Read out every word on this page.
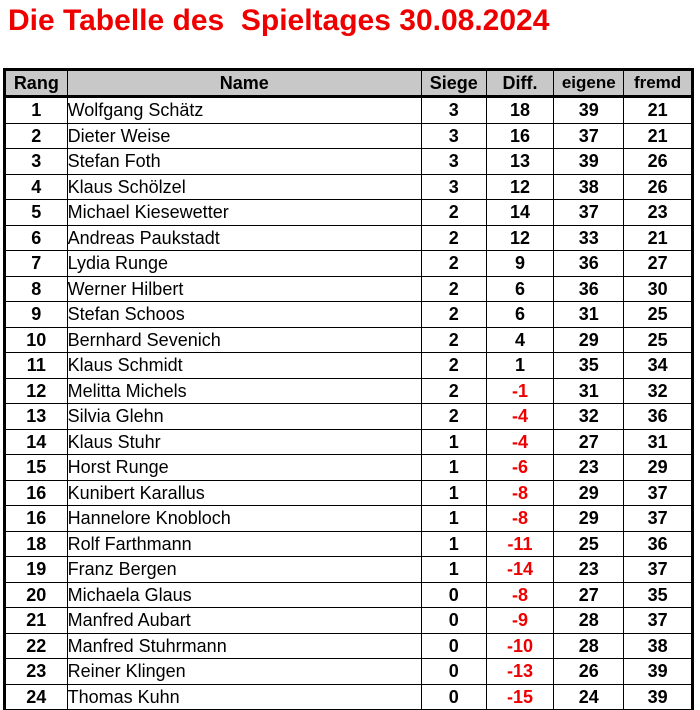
Die Tabelle des  Spieltages 30.08.2024
Rang	Name	Siege	Diff.	eigene	fremd
1	Wolfgang Schätz	3	18	39	21
2	Dieter Weise	3	16	37	21
3	Stefan Foth	3	13	39	26
4	Klaus Schölzel	3	12	38	26
5	Michael Kiesewetter	2	14	37	23
6	Andreas Paukstadt	2	12	33	21
7	Lydia Runge	2	9	36	27
8	Werner Hilbert	2	6	36	30
9	Stefan Schoos	2	6	31	25
10	Bernhard Sevenich	2	4	29	25
11	Klaus Schmidt	2	1	35	34
12	Melitta Michels	2	-1	31	32
13	Silvia Glehn	2	-4	32	36
14	Klaus Stuhr	1	-4	27	31
15	Horst Runge	1	-6	23	29
16	Kunibert Karallus	1	-8	29	37
16	Hannelore Knobloch	1	-8	29	37
18	Rolf Farthmann	1	-11	25	36
19	Franz Bergen	1	-14	23	37
20	Michaela Glaus	0	-8	27	35
21	Manfred Aubart	0	-9	28	37
22	Manfred Stuhrmann	0	-10	28	38
23	Reiner Klingen	0	-13	26	39
24	Thomas Kuhn	0	-15	24	39
